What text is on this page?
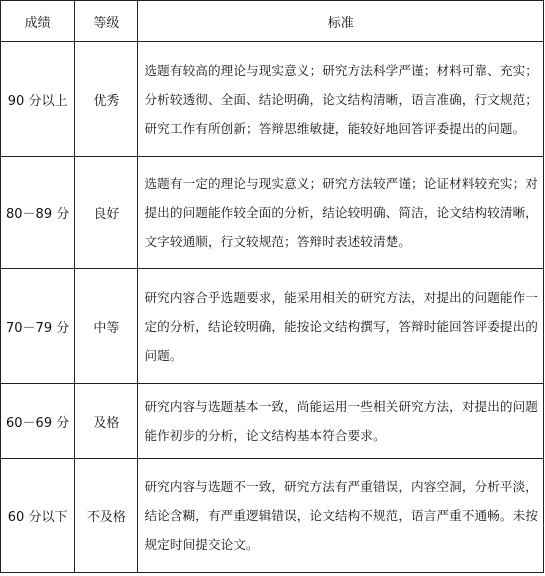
成绩	等级	标准
90 分以上	优秀	选题有较高的理论与现实意义；研究方法科学严谨；材料可靠、充实；
分析较透彻、全面、结论明确，论文结构清晰，语言准确，行文规范；
研究工作有所创新；答辩思维敏捷，能较好地回答评委提出的问题。

80－89 分	良好	选题有一定的理论与现实意义；研究方法较严谨；论证材料较充实；对
提出的问题能作较全面的分析，结论较明确、简洁，论文结构较清晰，
文字较通顺，行文较规范；答辩时表述较清楚。

70－79 分	中等	研究内容合乎选题要求，能采用相关的研究方法，对提出的问题能作一
定的分析，结论较明确，能按论文结构撰写，答辩时能回答评委提出的
问题。

60－69 分	及格	研究内容与选题基本一致，尚能运用一些相关研究方法，对提出的问题
能作初步的分析，论文结构基本符合要求。

60 分以下	不及格	研究内容与选题不一致，研究方法有严重错误，内容空洞，分析平淡，
结论含糊，有严重逻辑错误，论文结构不规范，语言严重不通畅。未按
规定时间提交论文。
